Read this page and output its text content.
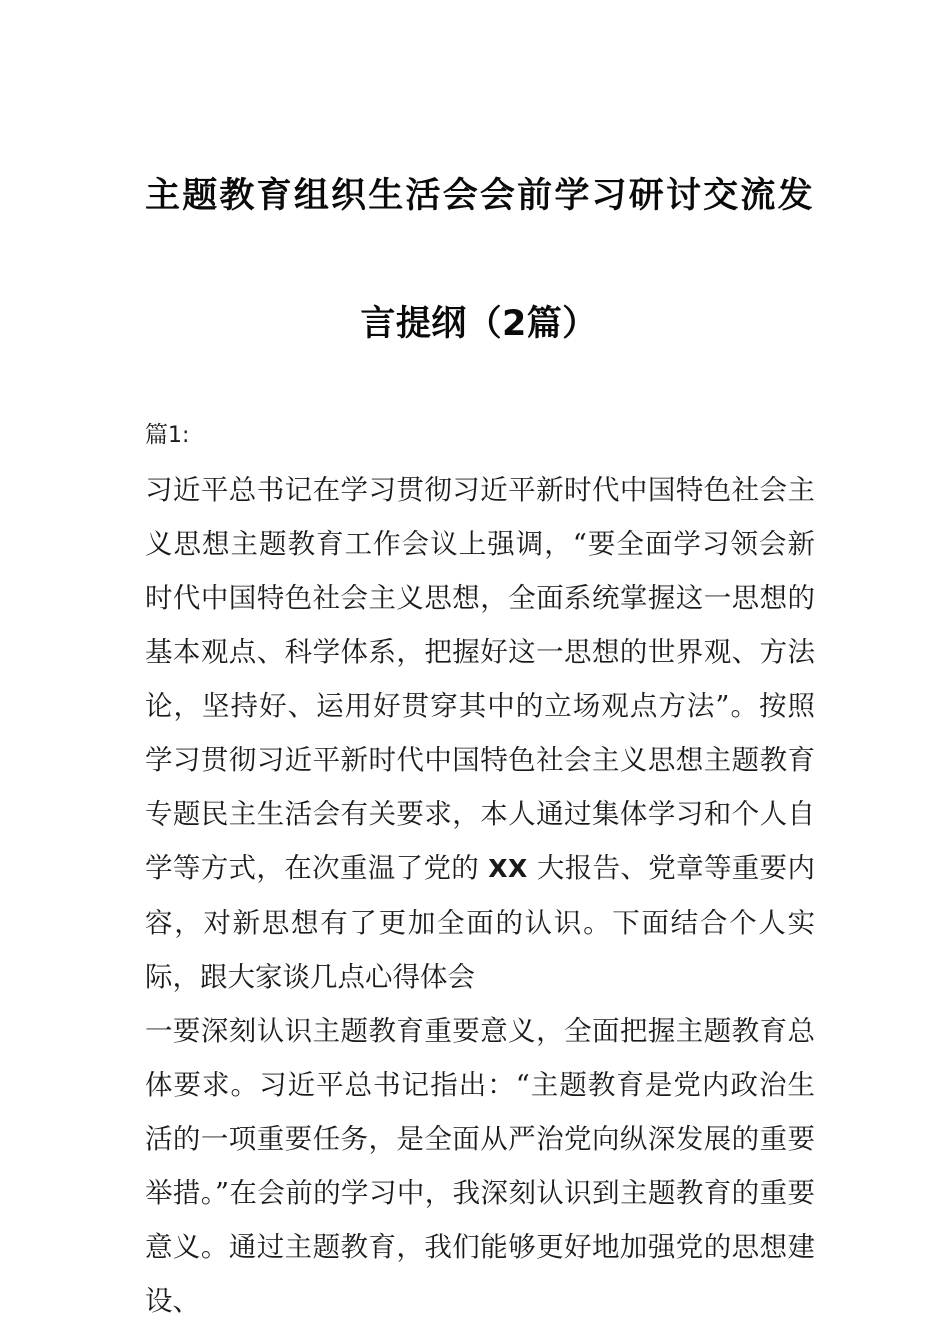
主题教育组织生活会会前学习研讨交流发
言提纲（2篇）
篇1:

习近平总书记在学习贯彻习近平新时代中国特色社会主义思想主题教育工作会议上强调，“要全面学习领会新时代中国特色社会主义思想，全面系统掌握这一思想的基本观点、科学体系，把握好这一思想的世界观、方法论，坚持好、运用好贯穿其中的立场观点方法”。按照学习贯彻习近平新时代中国特色社会主义思想主题教育专题民主生活会有关要求，本人通过集体学习和个人自学等方式，在次重温了党的 XX 大报告、党章等重要内容，对新思想有了更加全面的认识。下面结合个人实际，跟大家谈几点心得体会

一要深刻认识主题教育重要意义，全面把握主题教育总体要求。习近平总书记指出：“主题教育是党内政治生活的一项重要任务，是全面从严治党向纵深发展的重要举措。”在会前的学习中，我深刻认识到主题教育的重要意义。通过主题教育，我们能够更好地加强党的思想建设、
